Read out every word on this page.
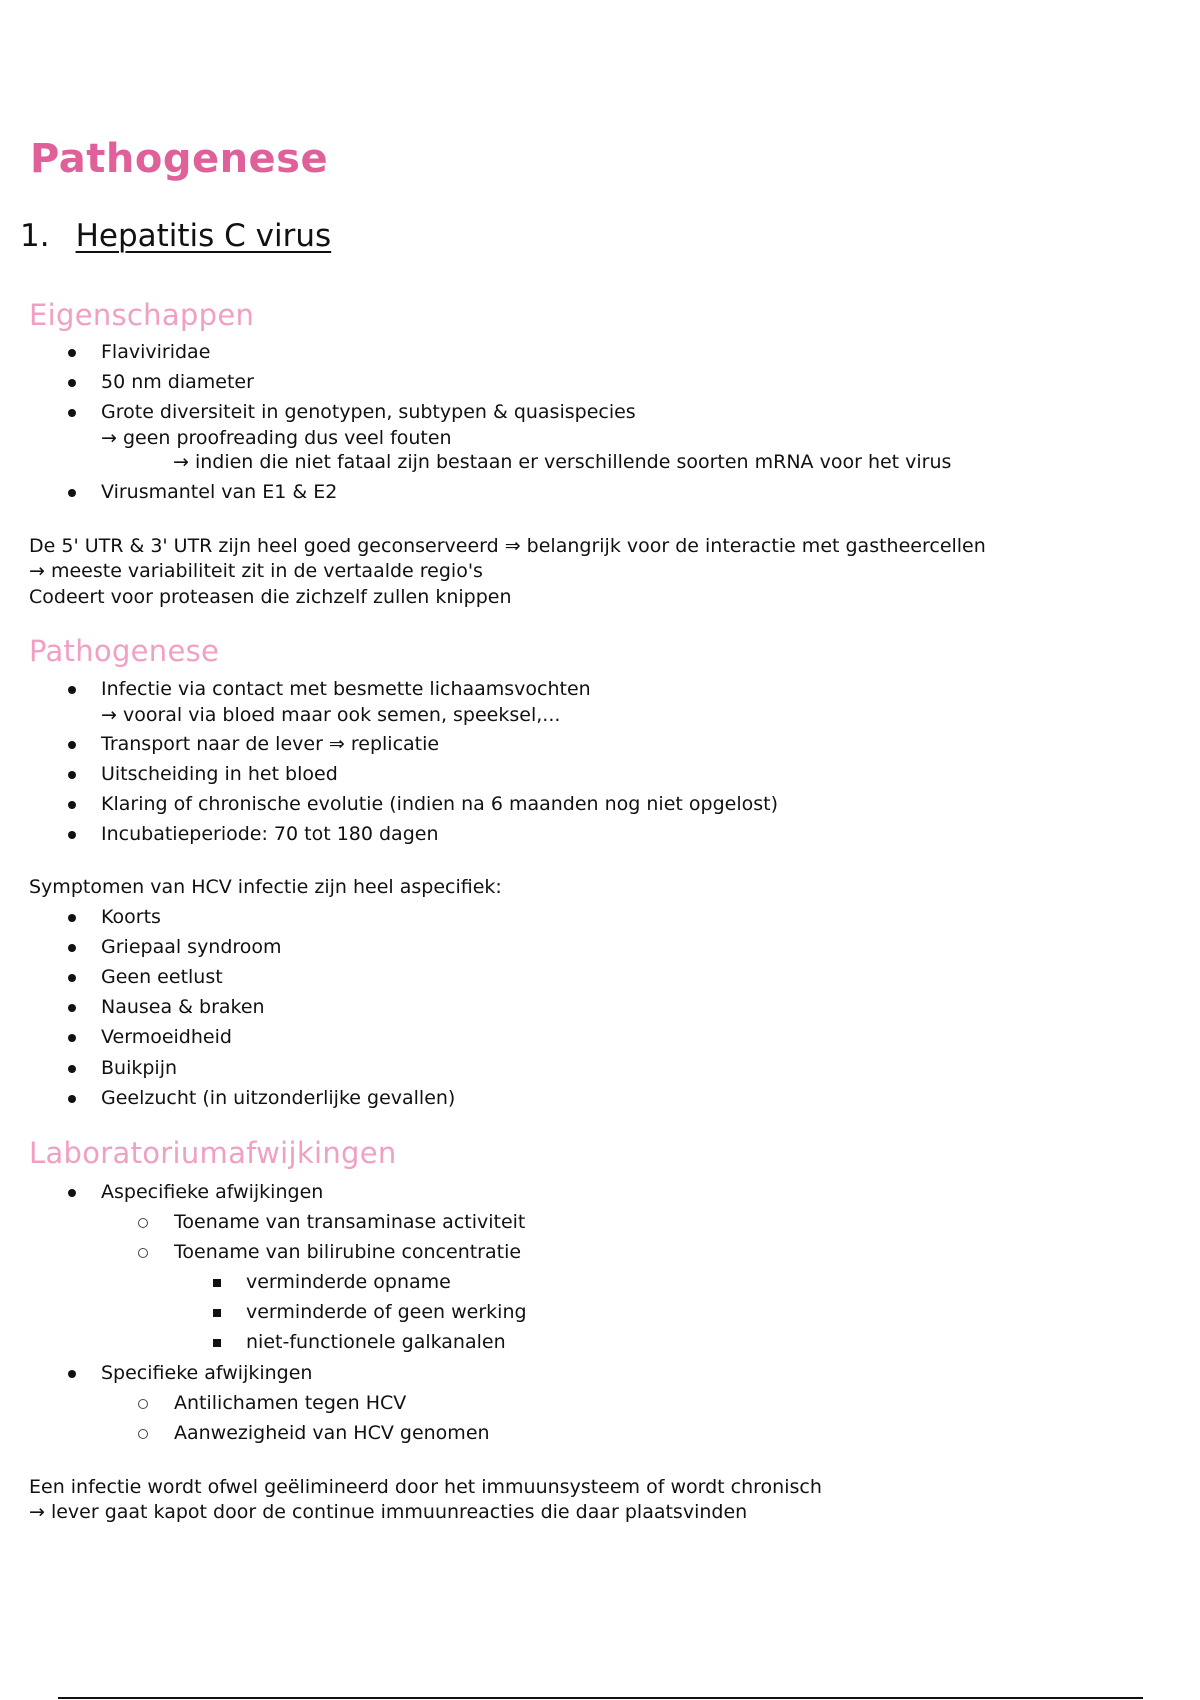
Pathogenese
1. Hepatitis C virus
Eigenschappen
Flaviviridae
50 nm diameter
Grote diversiteit in genotypen, subtypen & quasispecies
→ geen proofreading dus veel fouten
→ indien die niet fataal zijn bestaan er verschillende soorten mRNA voor het virus
Virusmantel van E1 & E2
De 5' UTR & 3' UTR zijn heel goed geconserveerd ⇒ belangrijk voor de interactie met gastheercellen
→ meeste variabiliteit zit in de vertaalde regio's
Codeert voor proteasen die zichzelf zullen knippen
Pathogenese
Infectie via contact met besmette lichaamsvochten
→ vooral via bloed maar ook semen, speeksel,...
Transport naar de lever ⇒ replicatie
Uitscheiding in het bloed
Klaring of chronische evolutie (indien na 6 maanden nog niet opgelost)
Incubatieperiode: 70 tot 180 dagen
Symptomen van HCV infectie zijn heel aspecifiek:
Koorts
Griepaal syndroom
Geen eetlust
Nausea & braken
Vermoeidheid
Buikpijn
Geelzucht (in uitzonderlijke gevallen)
Laboratoriumafwijkingen
Aspecifieke afwijkingen
Toename van transaminase activiteit
Toename van bilirubine concentratie
verminderde opname
verminderde of geen werking
niet-functionele galkanalen
Specifieke afwijkingen
Antilichamen tegen HCV
Aanwezigheid van HCV genomen
Een infectie wordt ofwel geëlimineerd door het immuunsysteem of wordt chronisch
→ lever gaat kapot door de continue immuunreacties die daar plaatsvinden
